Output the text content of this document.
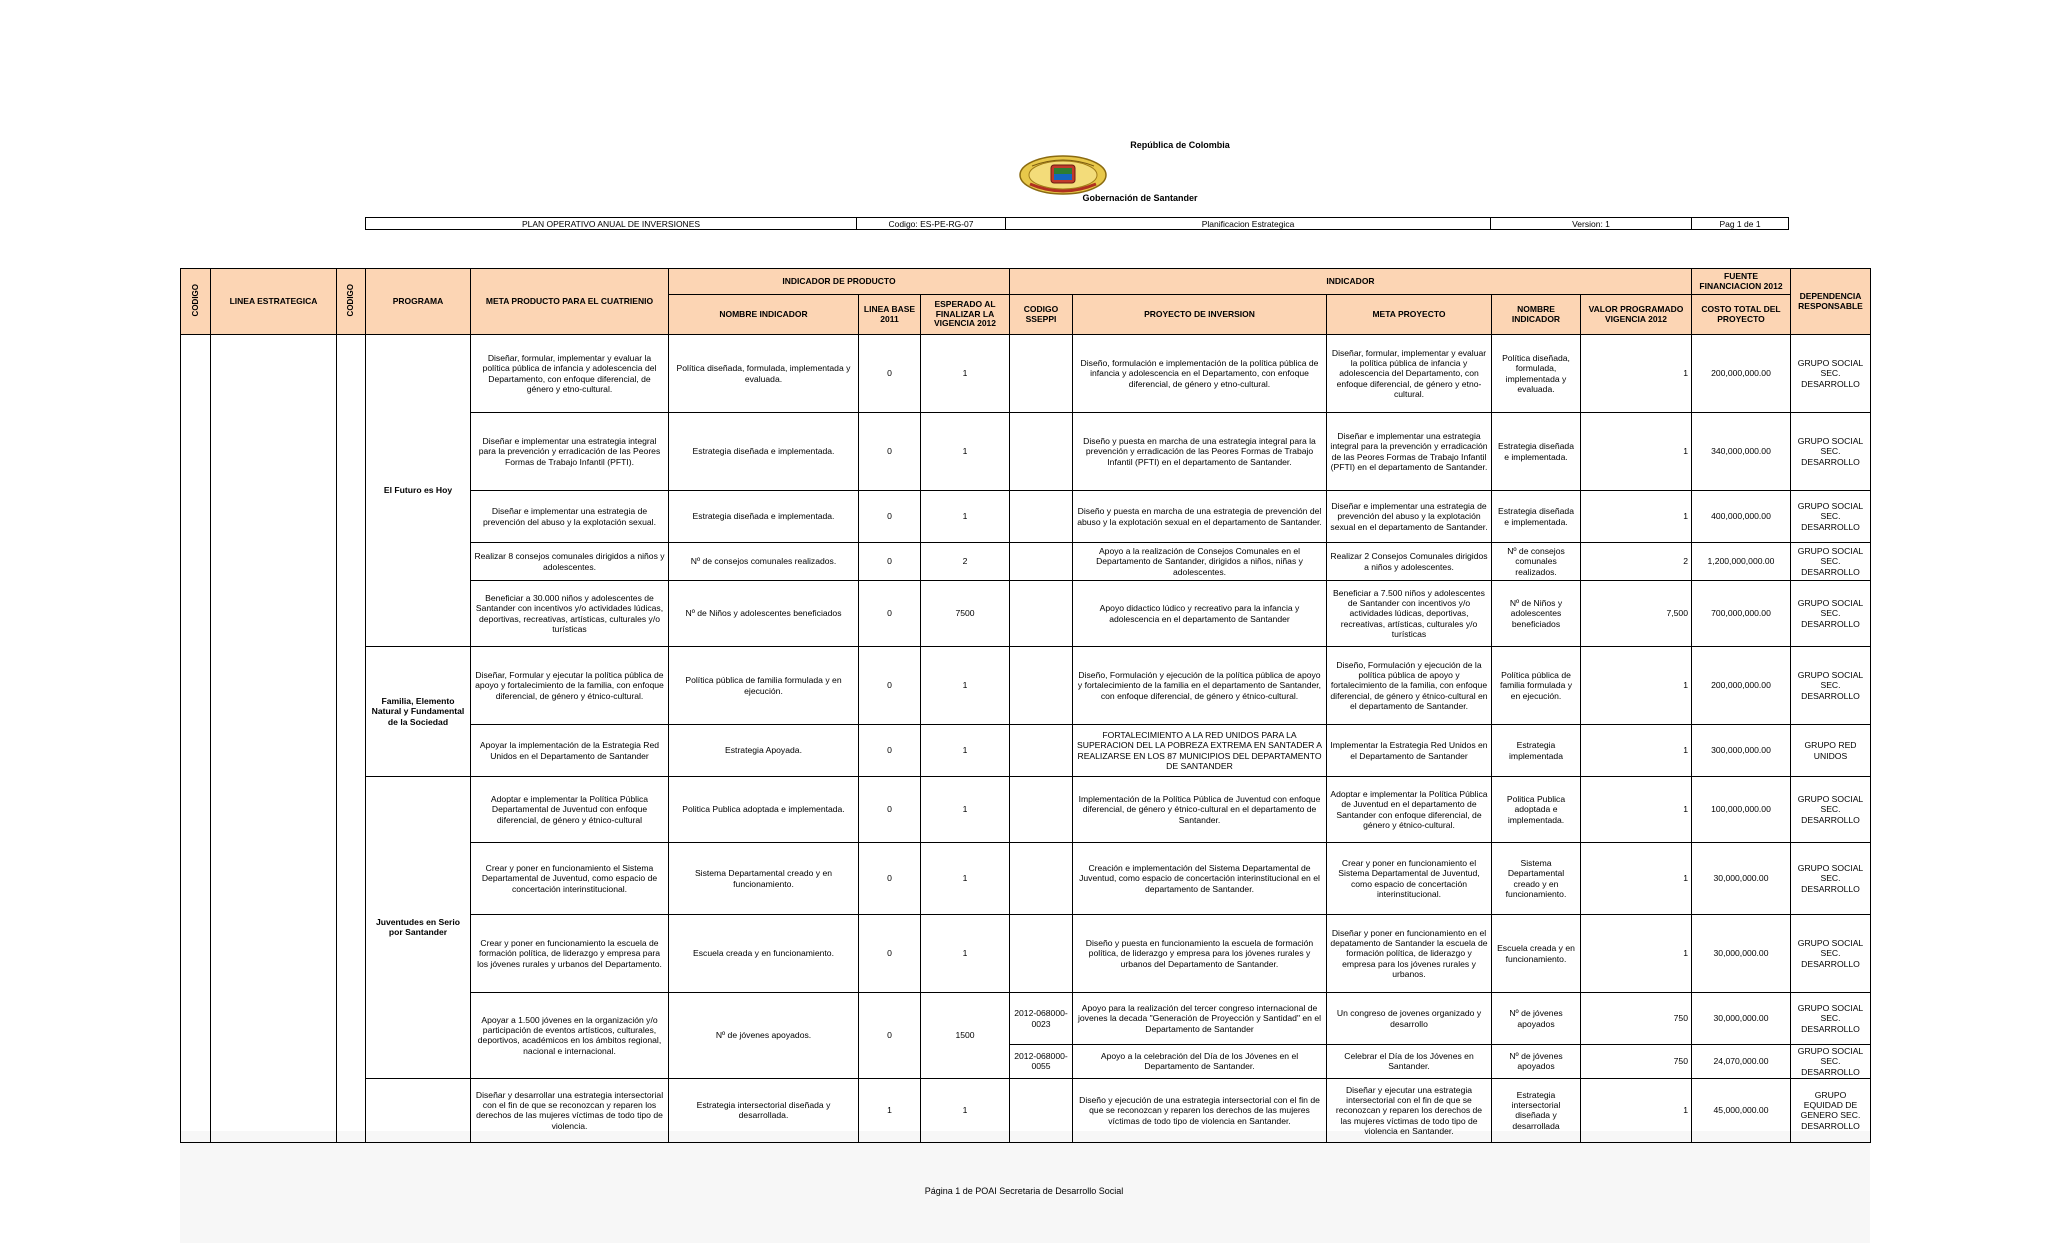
República de Colombia
Gobernación de Santander
PLAN OPERATIVO ANUAL DE INVERSIONES	Codigo: ES-PE-RG-07	Planificacion Estrategica	Version: 1	Pag 1 de 1
CODIGO	LINEA ESTRATEGICA	CODIGO	PROGRAMA	META PRODUCTO PARA EL CUATRIENIO	INDICADOR DE PRODUCTO			INDICADOR					FUENTE FINANCIACION 2012	DEPENDENCIA RESPONSABLE
					NOMBRE INDICADOR	LINEA BASE 2011	ESPERADO AL FINALIZAR LA VIGENCIA 2012	CODIGO SSEPPI	PROYECTO DE INVERSION	META PROYECTO	NOMBRE INDICADOR	VALOR PROGRAMADO VIGENCIA 2012	COSTO TOTAL DEL PROYECTO	
			El Futuro es Hoy	Diseñar, formular, implementar y evaluar la política pública de infancia y adolescencia del Departamento, con enfoque diferencial, de género y etno-cultural.	Política diseñada, formulada, implementada y evaluada.	0	1		Diseño, formulación e implementación de la política pública de infancia y adolescencia en el Departamento, con enfoque diferencial, de género y etno-cultural.	Diseñar, formular, implementar y evaluar la política pública de infancia y adolescencia del Departamento, con enfoque diferencial, de género y etno-cultural.	Política diseñada, formulada, implementada y evaluada.	1	200,000,000.00	GRUPO SOCIAL SEC. DESARROLLO
				Diseñar e implementar una estrategia integral para la prevención y erradicación de las Peores Formas de Trabajo Infantil (PFTI).	Estrategia diseñada e implementada.	0	1		Diseño y puesta en marcha de una estrategia integral para la prevención y erradicación de las Peores Formas de Trabajo Infantil (PFTI) en el departamento de Santander.	Diseñar e implementar una estrategia integral para la prevención y erradicación de las Peores Formas de Trabajo Infantil (PFTI) en el departamento de Santander.	Estrategia diseñada e implementada.	1	340,000,000.00	GRUPO SOCIAL SEC. DESARROLLO
				Diseñar e implementar una estrategia de prevención del abuso y la explotación sexual.	Estrategia diseñada e implementada.	0	1		Diseño y puesta en marcha de una estrategia de prevención del abuso y la explotación sexual en el departamento de Santander.	Diseñar e implementar una estrategia de prevención del abuso y la explotación sexual en el departamento de Santander.	Estrategia diseñada e implementada.	1	400,000,000.00	GRUPO SOCIAL SEC. DESARROLLO
				Realizar 8 consejos comunales dirigidos a niños y adolescentes.	Nº de consejos comunales realizados.	0	2		Apoyo a la realización de Consejos Comunales en el Departamento de Santander, dirigidos a niños, niñas y adolescentes.	Realizar 2 Consejos Comunales dirigidos a niños y adolescentes.	Nº de consejos comunales realizados.	2	1,200,000,000.00	GRUPO SOCIAL SEC. DESARROLLO
				Beneficiar a 30.000 niños y adolescentes de Santander con incentivos y/o actividades lúdicas, deportivas, recreativas, artísticas, culturales y/o turísticas	Nº de Niños y adolescentes beneficiados	0	7500		Apoyo didactico lúdico y recreativo para la infancia y adolescencia en el departamento de Santander	Beneficiar a 7.500 niños y adolescentes de Santander con incentivos y/o actividades lúdicas, deportivas, recreativas, artísticas, culturales y/o turísticas	Nº de Niños y adolescentes beneficiados	7,500	700,000,000.00	GRUPO SOCIAL SEC. DESARROLLO
			Familia, Elemento Natural y Fundamental de la Sociedad	Diseñar, Formular y ejecutar la política pública de apoyo y fortalecimiento de la familia, con enfoque diferencial, de género y étnico-cultural.	Política pública de familia formulada y en ejecución.	0	1		Diseño, Formulación y ejecución de la política pública de apoyo y fortalecimiento de la familia en el departamento de Santander, con enfoque diferencial, de género y étnico-cultural.	Diseño, Formulación y ejecución de la política pública de apoyo y fortalecimiento de la familia, con enfoque diferencial, de género y étnico-cultural en el departamento de Santander.	Política pública de familia formulada y en ejecución.	1	200,000,000.00	GRUPO SOCIAL SEC. DESARROLLO
				Apoyar la implementación de la Estrategia Red Unidos en el Departamento de Santander	Estrategia Apoyada.	0	1		FORTALECIMIENTO A LA RED UNIDOS PARA LA SUPERACION DEL LA POBREZA EXTREMA EN SANTADER A REALIZARSE EN LOS 87 MUNICIPIOS DEL DEPARTAMENTO DE SANTANDER	Implementar la Estrategia Red Unidos en el Departamento de Santander	Estrategia implementada	1	300,000,000.00	GRUPO RED UNIDOS
			Juventudes en Serio por Santander	Adoptar e implementar la Política Pública Departamental de Juventud con enfoque diferencial, de género y étnico-cultural	Politica Publica adoptada e implementada.	0	1		Implementación de la Política Pública de Juventud con enfoque diferencial, de género y étnico-cultural en el departamento de Santander.	Adoptar e implementar la Política Pública de Juventud en el departamento de Santander con enfoque diferencial, de género y étnico-cultural.	Politica Publica adoptada e implementada.	1	100,000,000.00	GRUPO SOCIAL SEC. DESARROLLO
				Crear y poner en funcionamiento el Sistema Departamental de Juventud, como espacio de concertación interinstitucional.	Sistema Departamental creado y en funcionamiento.	0	1		Creación e implementación del Sistema Departamental de Juventud, como espacio de concertación interinstitucional en el departamento de Santander.	Crear y poner en funcionamiento el Sistema Departamental de Juventud, como espacio de concertación interinstitucional.	Sistema Departamental creado y en funcionamiento.	1	30,000,000.00	GRUPO SOCIAL SEC. DESARROLLO
				Crear y poner en funcionamiento la escuela de formación política, de liderazgo y empresa para los jóvenes rurales y urbanos del Departamento.	Escuela creada y en funcionamiento.	0	1		Diseño y puesta en funcionamiento la escuela de formación política, de liderazgo y empresa para los jóvenes rurales y urbanos del Departamento de Santander.	Diseñar y poner en funcionamiento en el depatamento de Santander la escuela de formación política, de liderazgo y empresa para los jóvenes rurales y urbanos.	Escuela creada y en funcionamiento.	1	30,000,000.00	GRUPO SOCIAL SEC. DESARROLLO
				Apoyar a 1.500 jóvenes en la organización y/o participación de eventos artísticos, culturales, deportivos, académicos en los ámbitos regional, nacional e internacional.	Nº de jóvenes apoyados.	0	1500	2012-068000-0023	Apoyo para la realización del tercer congreso internacional de jovenes la decada "Generación de Proyección y Santidad" en el Departamento de Santander	Un congreso de jovenes organizado y desarrollo	Nº de jóvenes apoyados	750	30,000,000.00	GRUPO SOCIAL SEC. DESARROLLO
								2012-068000-0055	Apoyo a la celebración del Día de los Jóvenes en el Departamento de Santander.	Celebrar el Día de los Jóvenes en Santander.	Nº de jóvenes apoyados	750	24,070,000.00	GRUPO SOCIAL SEC. DESARROLLO
				Diseñar y desarrollar una estrategia intersectorial con el fin de que se reconozcan y reparen los derechos de las mujeres víctimas de todo tipo de violencia.	Estrategia intersectorial diseñada y desarrollada.	1	1		Diseño y ejecución de una estrategia intersectorial con el fin de que se reconozcan y reparen los derechos de las mujeres víctimas de todo tipo de violencia en Santander.	Diseñar y ejecutar una estrategia intersectorial con el fin de que se reconozcan y reparen los derechos de las mujeres víctimas de todo tipo de violencia en Santander.	Estrategia intersectorial diseñada y desarrollada	1	45,000,000.00	GRUPO EQUIDAD DE GENERO SEC. DESARROLLO
Página 1 de POAI Secretaria de Desarrollo Social
